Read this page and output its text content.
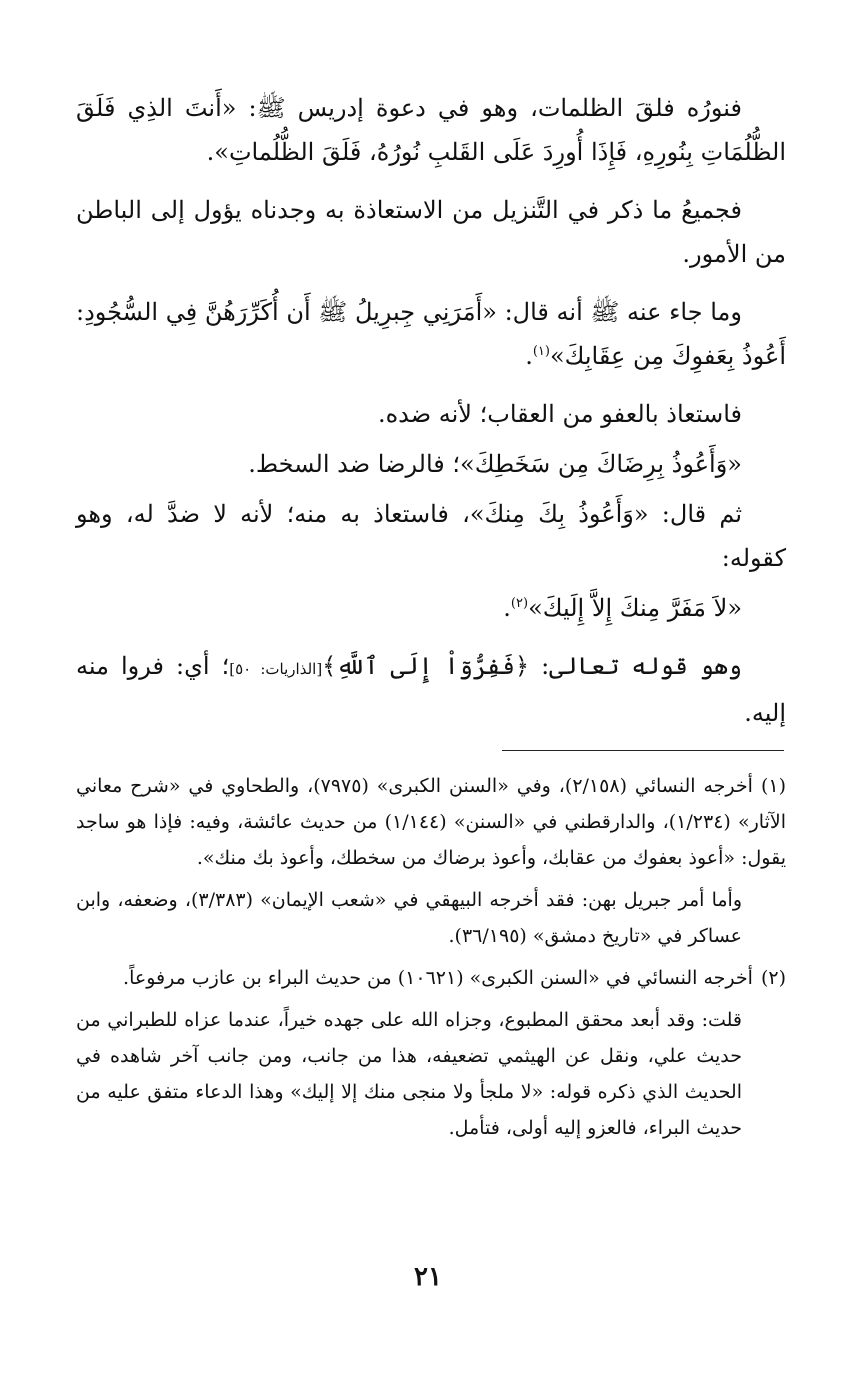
فنورُه فلقَ الظلمات، وهو في دعوة إدريس ﷺ: «أَنتَ الذِي فَلَقَ الظُّلُمَاتِ بِنُورِهِ، فَإِذَا أُورِدَ عَلَى القَلبِ نُورُهُ، فَلَقَ الظُّلُماتِ».

فجميعُ ما ذكر في التَّنزيل من الاستعاذة به وجدناه يؤول إلى الباطن من الأمور.

وما جاء عنه ﷺ أنه قال: «أَمَرَنِي جِبرِيلُ ﷺ أَن أُكَرِّرَهُنَّ فِي السُّجُودِ: أَعُوذُ بِعَفوِكَ مِن عِقَابِكَ»$^{(١)}$.

فاستعاذ بالعفو من العقاب؛ لأنه ضده.

«وَأَعُوذُ بِرِضَاكَ مِن سَخَطِكَ»؛ فالرضا ضد السخط.

ثم قال: «وَأَعُوذُ بِكَ مِنكَ»، فاستعاذ به منه؛ لأنه لا ضدَّ له، وهو كقوله:

«لاَ مَفَرَّ مِنكَ إِلاَّ إِلَيكَ»$^{(٢)}$.

وهو قوله تعالى: ﴿فَفِرُّوٓاْ إِلَى ٱللَّهِ﴾[الذاريات: ٥٠]؛ أي: فروا منه إليه.

(١)أخرجه النسائي (٢/١٥٨)، وفي «السنن الكبرى» (٧٩٧٥)، والطحاوي في «شرح معاني الآثار» (١/٢٣٤)، والدارقطني في «السنن» (١/١٤٤) من حديث عائشة، وفيه: فإذا هو ساجد يقول: «أعوذ بعفوك من عقابك، وأعوذ برضاك من سخطك، وأعوذ بك منك».

وأما أمر جبريل بهن: فقد أخرجه البيهقي في «شعب الإيمان» (٣/٣٨٣)، وضعفه، وابن عساكر في «تاريخ دمشق» (٣٦/١٩٥).

(٢)أخرجه النسائي في «السنن الكبرى» (١٠٦٢١) من حديث البراء بن عازب مرفوعاً.

قلت: وقد أبعد محقق المطبوع، وجزاه الله على جهده خيراً، عندما عزاه للطبراني من حديث علي، ونقل عن الهيثمي تضعيفه، هذا من جانب، ومن جانب آخر شاهده في الحديث الذي ذكره قوله: «لا ملجأ ولا منجى منك إلا إليك» وهذا الدعاء متفق عليه من حديث البراء، فالعزو إليه أولى، فتأمل.

٢١
